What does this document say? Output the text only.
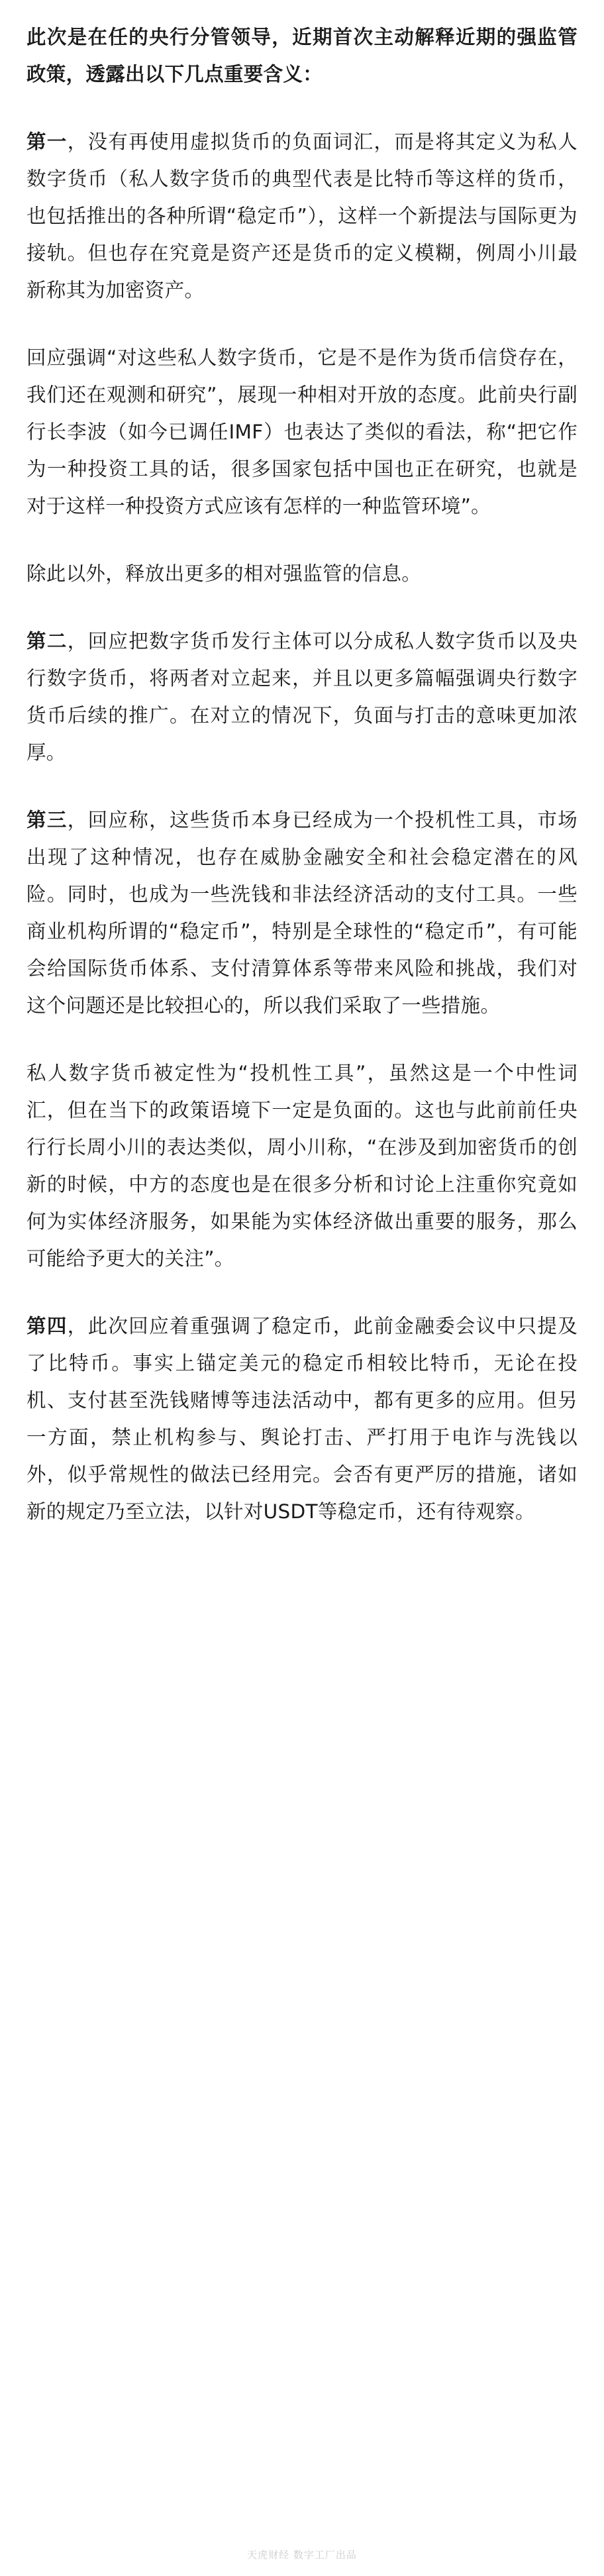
此次是在任的央行分管领导，近期首次主动解释近期的强监管政策，透露出以下几点重要含义：

第一，没有再使用虚拟货币的负面词汇，而是将其定义为私人数字货币（私人数字货币的典型代表是比特币等这样的货币，也包括推出的各种所谓“稳定币”），这样一个新提法与国际更为接轨。但也存在究竟是资产还是货币的定义模糊，例周小川最新称其为加密资产。

回应强调“对这些私人数字货币，它是不是作为货币信贷存在，我们还在观测和研究”，展现一种相对开放的态度。此前央行副行长李波（如今已调任IMF）也表达了类似的看法，称“把它作为一种投资工具的话，很多国家包括中国也正在研究，也就是对于这样一种投资方式应该有怎样的一种监管环境”。

除此以外，释放出更多的相对强监管的信息。

第二，回应把数字货币发行主体可以分成私人数字货币以及央行数字货币，将两者对立起来，并且以更多篇幅强调央行数字货币后续的推广。在对立的情况下，负面与打击的意味更加浓厚。

第三，回应称，这些货币本身已经成为一个投机性工具，市场出现了这种情况，也存在威胁金融安全和社会稳定潜在的风险。同时，也成为一些洗钱和非法经济活动的支付工具。一些商业机构所谓的“稳定币”，特别是全球性的“稳定币”，有可能会给国际货币体系、支付清算体系等带来风险和挑战，我们对这个问题还是比较担心的，所以我们采取了一些措施。

私人数字货币被定性为“投机性工具”，虽然这是一个中性词汇，但在当下的政策语境下一定是负面的。这也与此前前任央行行长周小川的表达类似，周小川称，“在涉及到加密货币的创新的时候，中方的态度也是在很多分析和讨论上注重你究竟如何为实体经济服务，如果能为实体经济做出重要的服务，那么可能给予更大的关注”。

第四，此次回应着重强调了稳定币，此前金融委会议中只提及了比特币。事实上锚定美元的稳定币相较比特币，无论在投机、支付甚至洗钱赌博等违法活动中，都有更多的应用。但另一方面，禁止机构参与、舆论打击、严打用于电诈与洗钱以外，似乎常规性的做法已经用完。会否有更严厉的措施，诸如新的规定乃至立法，以针对USDT等稳定币，还有待观察。

天虎财经 数字工厂出品
